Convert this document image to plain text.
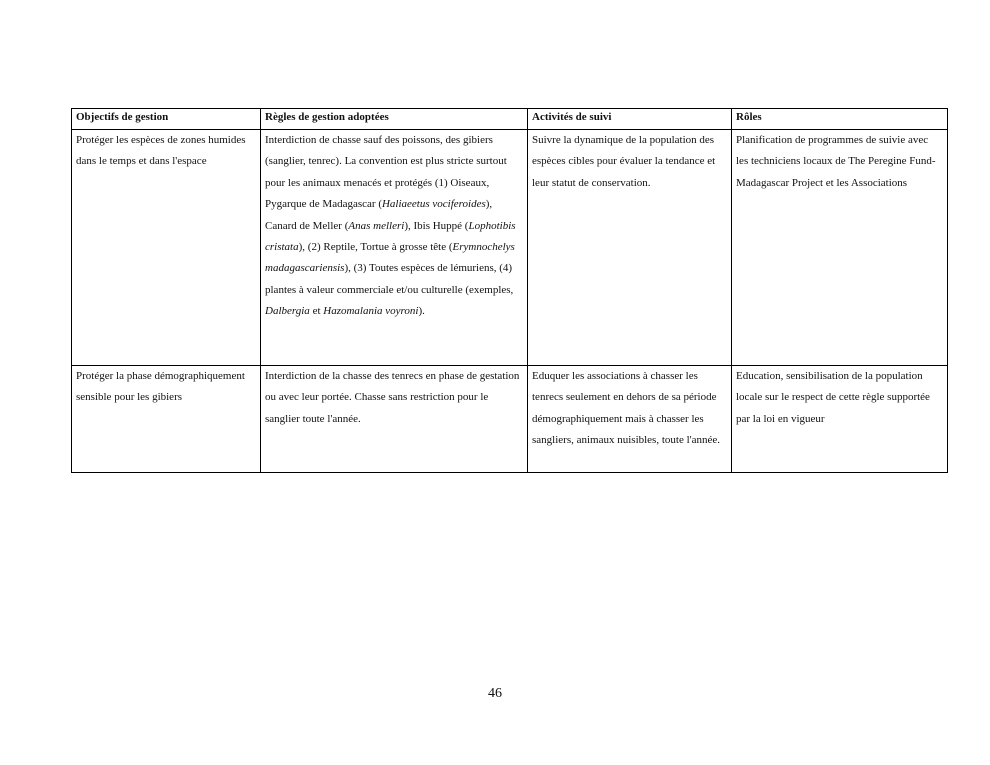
Objectifs de gestion	Règles de gestion adoptées	Activités de suivi	Rôles
Protéger les espèces de zones humides dans le temps et dans l'espace	Interdiction de chasse sauf des poissons, des gibiers (sanglier, tenrec). La convention est plus stricte surtout pour les animaux menacés et protégés (1) Oiseaux, Pygarque de Madagascar (Haliaeetus vociferoides), Canard de Meller (Anas melleri), Ibis Huppé (Lophotibis cristata), (2) Reptile, Tortue à grosse tête (Erymnochelys madagascariensis), (3) Toutes espèces de lémuriens, (4) plantes à valeur commerciale et/ou culturelle (exemples, Dalbergia et Hazomalania voyroni).	Suivre la dynamique de la population des espèces cibles pour évaluer la tendance et leur statut de conservation.	Planification de programmes de suivie avec les techniciens locaux de The Peregine Fund-Madagascar Project et les Associations
Protéger la phase démographiquement sensible pour les gibiers	Interdiction de la chasse des tenrecs en phase de gestation ou avec leur portée. Chasse sans restriction pour le sanglier toute l'année.	Eduquer les associations à chasser les tenrecs seulement en dehors de sa période démographiquement mais à chasser les sangliers, animaux nuisibles, toute l'année.	Education, sensibilisation de la population locale sur le respect de cette règle supportée par la loi en vigueur
46
